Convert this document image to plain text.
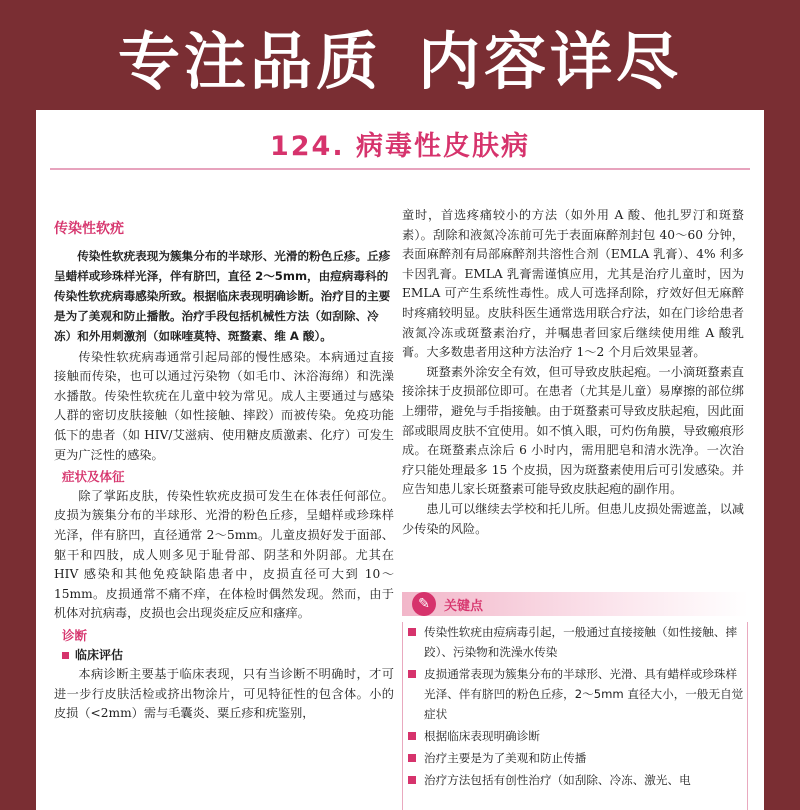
专注品质 内容详尽
124. 病毒性皮肤病
传染性软疣

传染性软疣表现为簇集分布的半球形、光滑的粉色丘疹。丘疹呈蜡样或珍珠样光泽，伴有脐凹，直径 2～5mm，由痘病毒科的传染性软疣病毒感染所致。根据临床表现明确诊断。治疗目的主要是为了美观和防止播散。治疗手段包括机械性方法（如刮除、冷冻）和外用刺激剂（如咪喹莫特、斑蝥素、维 A 酸）。

传染性软疣病毒通常引起局部的慢性感染。本病通过直接接触而传染，也可以通过污染物（如毛巾、沐浴海绵）和洗澡水播散。传染性软疣在儿童中较为常见。成人主要通过与感染人群的密切皮肤接触（如性接触、摔跤）而被传染。免疫功能低下的患者（如 HIV/艾滋病、使用糖皮质激素、化疗）可发生更为广泛性的感染。

症状及体征

除了掌跖皮肤，传染性软疣皮损可发生在体表任何部位。皮损为簇集分布的半球形、光滑的粉色丘疹，呈蜡样或珍珠样光泽，伴有脐凹，直径通常 2～5mm。儿童皮损好发于面部、躯干和四肢，成人则多见于耻骨部、阴茎和外阴部。尤其在 HIV 感染和其他免疫缺陷患者中，皮损直径可大到 10～15mm。皮损通常不痛不痒，在体检时偶然发现。然而，由于机体对抗病毒，皮损也会出现炎症反应和瘙痒。

诊断
临床评估

本病诊断主要基于临床表现，只有当诊断不明确时，才可进一步行皮肤活检或挤出物涂片，可见特征性的包含体。小的皮损（<2mm）需与毛囊炎、粟丘疹和疣鉴别，

童时，首选疼痛较小的方法（如外用 A 酸、他扎罗汀和斑蝥素）。刮除和液氮冷冻前可先于表面麻醉剂封包 40～60 分钟，表面麻醉剂有局部麻醉剂共溶性合剂（EMLA 乳膏）、4% 利多卡因乳膏。EMLA 乳膏需谨慎应用，尤其是治疗儿童时，因为 EMLA 可产生系统性毒性。成人可选择刮除，疗效好但无麻醉时疼痛较明显。皮肤科医生通常选用联合疗法，如在门诊给患者液氮冷冻或斑蝥素治疗，并嘱患者回家后继续使用维 A 酸乳膏。大多数患者用这种方法治疗 1～2 个月后效果显著。

斑蝥素外涂安全有效，但可导致皮肤起疱。一小滴斑蝥素直接涂抹于皮损部位即可。在患者（尤其是儿童）易摩擦的部位绑上绷带，避免与手指接触。由于斑蝥素可导致皮肤起疱，因此面部或眼周皮肤不宜使用。如不慎入眼，可灼伤角膜，导致瘢痕形成。在斑蝥素点涂后 6 小时内，需用肥皂和清水洗净。一次治疗只能处理最多 15 个皮损，因为斑蝥素使用后可引发感染。并应告知患儿家长斑蝥素可能导致皮肤起疱的副作用。

患儿可以继续去学校和托儿所。但患儿皮损处需遮盖，以减少传染的风险。

✎	关键点
传染性软疣由痘病毒引起，一般通过直接接触（如性接触、摔跤）、污染物和洗澡水传染
皮损通常表现为簇集分布的半球形、光滑、具有蜡样或珍珠样光泽、伴有脐凹的粉色丘疹，2～5mm 直径大小，一般无自觉症状
根据临床表现明确诊断
治疗主要是为了美观和防止传播
治疗方法包括有创性治疗（如刮除、冷冻、激光、电
